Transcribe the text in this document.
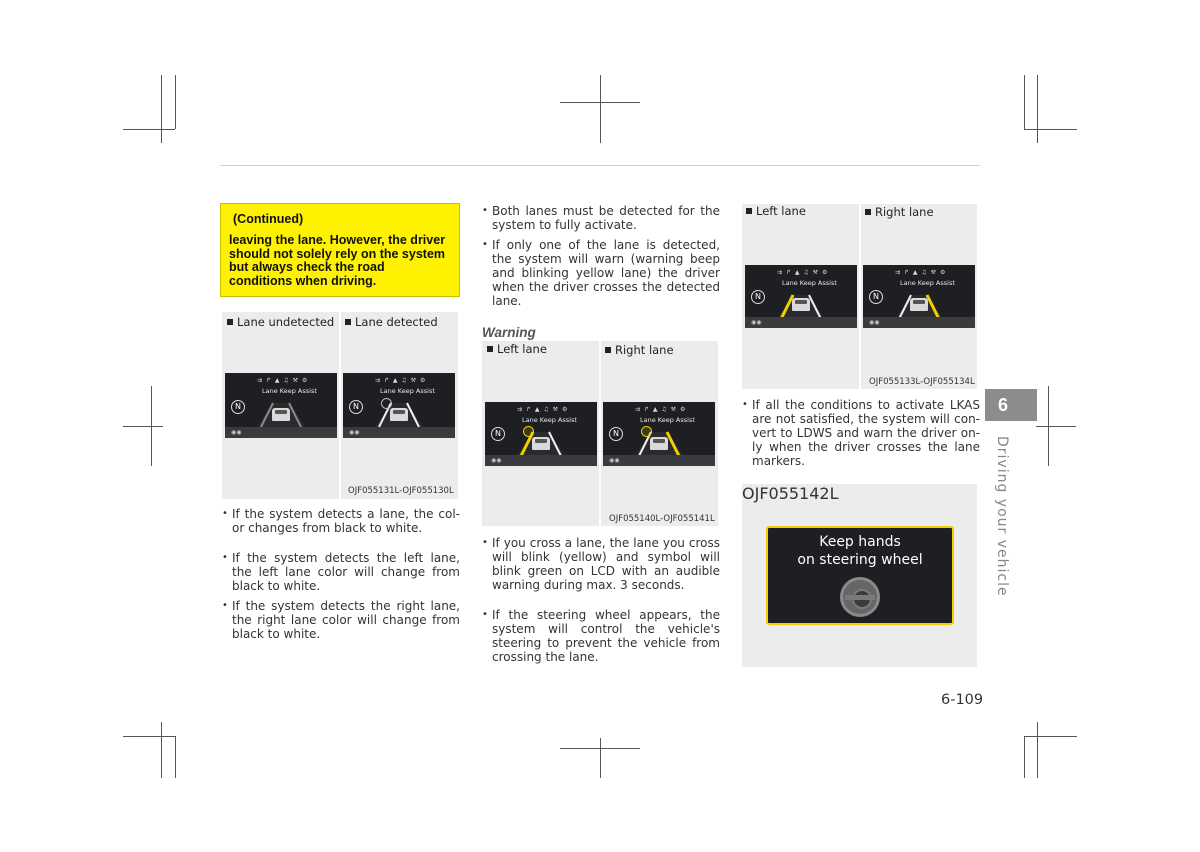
(Continued)
leaving the lane. However, the driver should not solely rely on the system but always check the road conditions when driving.
Lane undetected	Lane detected
⇉ ↱ ▲ ♫ ⚒ ⚙
Lane Keep Assist
N
◉◉
⇉ ↱ ▲ ♫ ⚒ ⚙
Lane Keep Assist
N
◉◉
OJF055131L-OJF055130L
• If the system detects a lane, the col-or changes from black to white.
• If the system detects the left lane, the left lane color will change from black to white.
• If the system detects the right lane, the right lane color will change from black to white.
• Both lanes must be detected for the system to fully activate.
• If only one of the lane is detected, the system will warn (warning beep and blinking yellow lane) the driver when the driver crosses the detected lane.
Warning
Left lane	Right lane
⇉ ↱ ▲ ♫ ⚒ ⚙
Lane Keep Assist
N
◉◉
⇉ ↱ ▲ ♫ ⚒ ⚙
Lane Keep Assist
N
◉◉
OJF055140L-OJF055141L
• If you cross a lane, the lane you cross will blink (yellow) and symbol will blink green on LCD with an audible warning during max. 3 seconds.
• If the steering wheel appears, the system will control the vehicle's steering to prevent the vehicle from crossing the lane.
Left lane	Right lane
⇉ ↱ ▲ ♫ ⚒ ⚙
Lane Keep Assist
N
◉◉
⇉ ↱ ▲ ♫ ⚒ ⚙
Lane Keep Assist
N
◉◉
OJF055133L-OJF055134L
• If all the conditions to activate LKAS are not satisfied, the system will con-vert to LDWS and warn the driver on-ly when the driver crosses the lane markers.
Keep hands
on steering wheel
OJF055142L
6
Driving your vehicle
6-109
